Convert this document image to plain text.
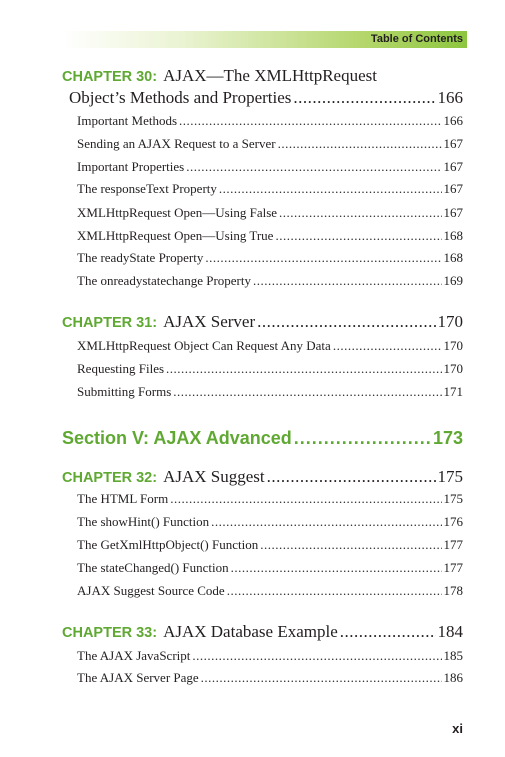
Table of Contents
CHAPTER 30: AJAX—The XMLHttpRequest
Object’s Methods and Properties .....	166
Important Methods .....	166
Sending an AJAX Request to a Server .....	167
Important Properties .....	167
The responseText Property .....	167
XMLHttpRequest Open—Using False .....	167
XMLHttpRequest Open—Using True .....	168
The readyState Property .....	168
The onreadystatechange Property .....	169
CHAPTER 31: AJAX Server .....	170
XMLHttpRequest Object Can Request Any Data .....	170
Requesting Files .....	170
Submitting Forms .....	171
Section V: AJAX Advanced .....	173
CHAPTER 32: AJAX Suggest .....	175
The HTML Form .....	175
The showHint() Function .....	176
The GetXmlHttpObject() Function .....	177
The stateChanged() Function .....	177
AJAX Suggest Source Code .....	178
CHAPTER 33: AJAX Database Example .....	184
The AJAX JavaScript .....	185
The AJAX Server Page .....	186
xi
